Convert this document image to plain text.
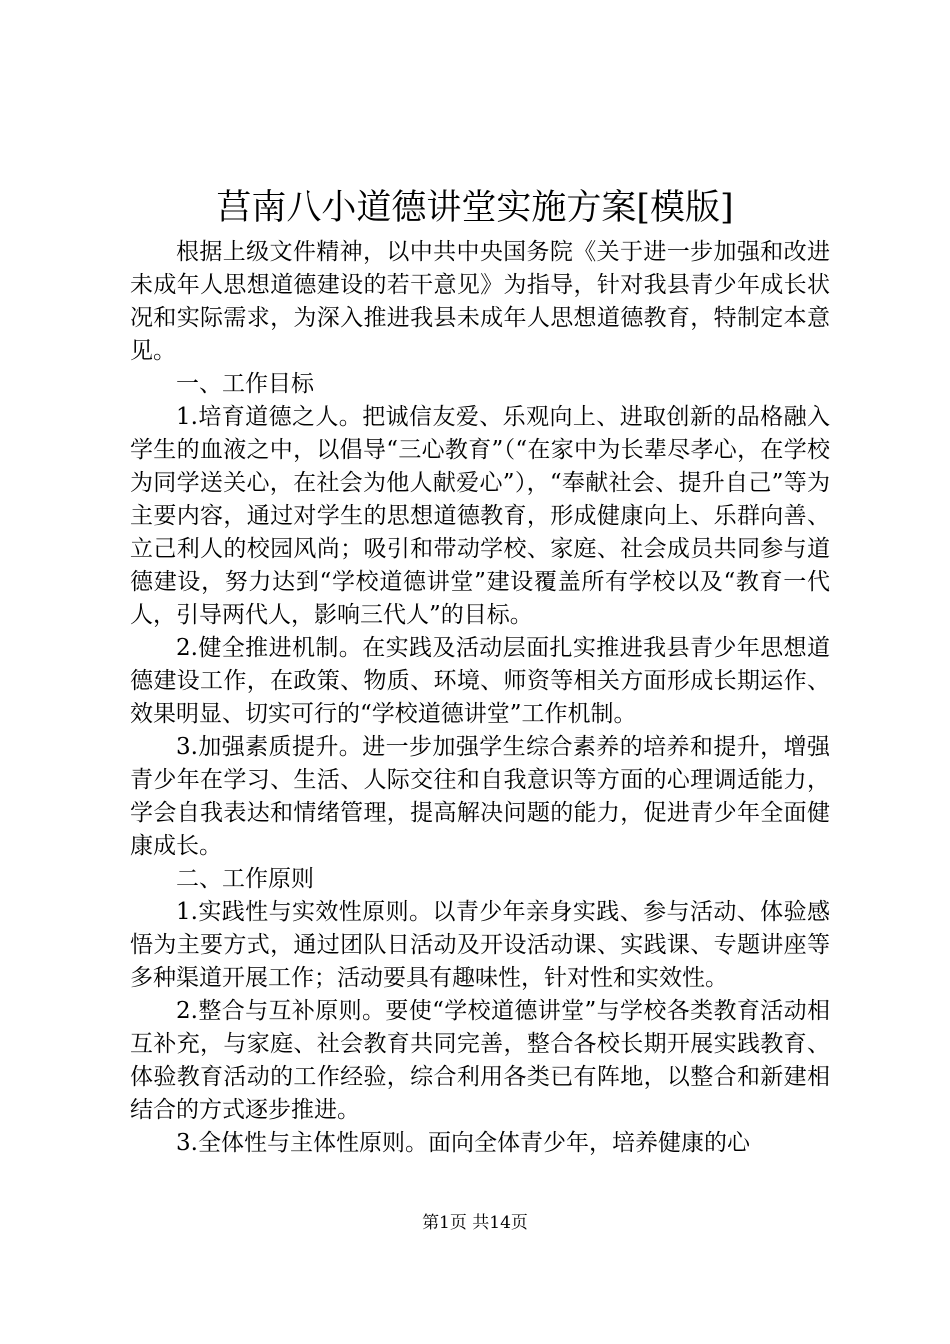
莒南八小道德讲堂实施方案[模版]

根据上级文件精神，以中共中央国务院《关于进一步加强和改进未成年人思想道德建设的若干意见》为指导，针对我县青少年成长状况和实际需求，为深入推进我县未成年人思想道德教育，特制定本意见。

一、工作目标

1.培育道德之人。把诚信友爱、乐观向上、进取创新的品格融入学生的血液之中，以倡导“三心教育”（“在家中为长辈尽孝心，在学校为同学送关心，在社会为他人献爱心”），“奉献社会、提升自己”等为主要内容，通过对学生的思想道德教育，形成健康向上、乐群向善、立己利人的校园风尚；吸引和带动学校、家庭、社会成员共同参与道德建设，努力达到“学校道德讲堂”建设覆盖所有学校以及“教育一代人，引导两代人，影响三代人”的目标。

2.健全推进机制。在实践及活动层面扎实推进我县青少年思想道德建设工作，在政策、物质、环境、师资等相关方面形成长期运作、效果明显、切实可行的“学校道德讲堂”工作机制。

3.加强素质提升。进一步加强学生综合素养的培养和提升，增强青少年在学习、生活、人际交往和自我意识等方面的心理调适能力，学会自我表达和情绪管理，提高解决问题的能力，促进青少年全面健康成长。

二、工作原则

1.实践性与实效性原则。以青少年亲身实践、参与活动、体验感悟为主要方式，通过团队日活动及开设活动课、实践课、专题讲座等多种渠道开展工作；活动要具有趣味性，针对性和实效性。

2.整合与互补原则。要使“学校道德讲堂”与学校各类教育活动相互补充，与家庭、社会教育共同完善，整合各校长期开展实践教育、体验教育活动的工作经验，综合利用各类已有阵地，以整合和新建相结合的方式逐步推进。

3.全体性与主体性原则。面向全体青少年，培养健康的心

第1页 共14页
